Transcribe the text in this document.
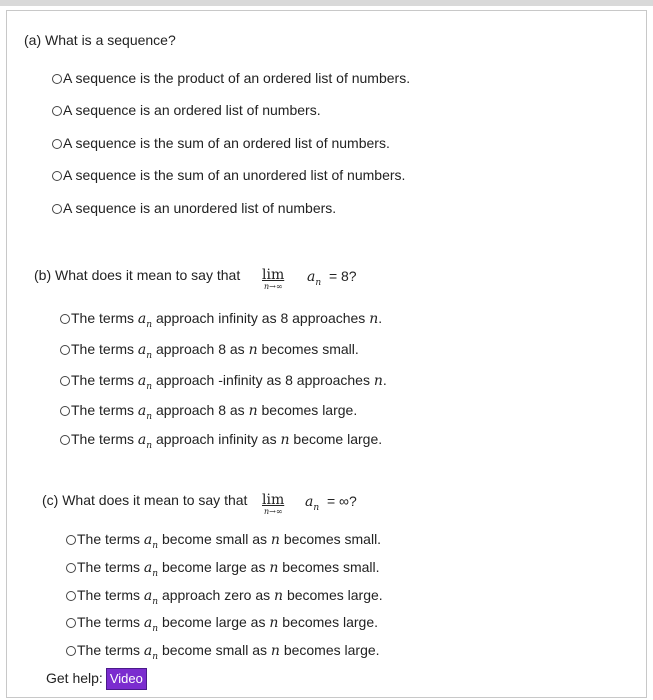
(a) What is a sequence?
A sequence is the product of an ordered list of numbers.
A sequence is an ordered list of numbers.
A sequence is the sum of an ordered list of numbers.
A sequence is the sum of an unordered list of numbers.
A sequence is an unordered list of numbers.
(b) What does it mean to say that lim
n→∞
$a_n = 8$?
The terms $a_n$ approach infinity as 8 approaches n.
The terms $a_n$ approach 8 as n becomes small.
The terms $a_n$ approach -infinity as 8 approaches n.
The terms $a_n$ approach 8 as n becomes large.
The terms $a_n$ approach infinity as n become large.
(c) What does it mean to say that lim
n→∞
$a_n$ = ∞?
The terms $a_n$ become small as n becomes small.
The terms $a_n$ become large as n becomes small.
The terms $a_n$ approach zero as n becomes large.
The terms $a_n$ become large as n becomes large.
The terms $a_n$ become small as n becomes large.
Get help: Video
